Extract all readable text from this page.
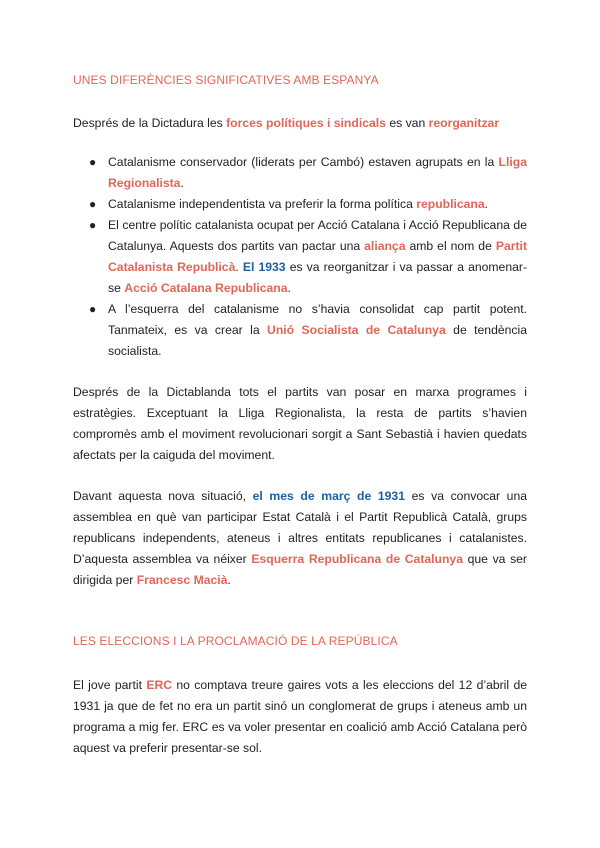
UNES DIFERÈNCIES SIGNIFICATIVES AMB ESPANYA

Després de la Dictadura les forces polítiques i sindicals es van reorganitzar

● Catalanisme conservador (liderats per Cambó) estaven agrupats en la Lliga Regionalista.
● Catalanisme independentista va preferir la forma política republicana.
● El centre polític catalanista ocupat per Acció Catalana i Acció Republicana de Catalunya. Aquests dos partits van pactar una aliança amb el nom de Partit Catalanista Republicà. El 1933 es va reorganitzar i va passar a anomenar-se Acció Catalana Republicana.
● A l’esquerra del catalanisme no s’havia consolidat cap partit potent. Tanmateix, es va crear la Unió Socialista de Catalunya de tendència socialista.

Després de la Dictablanda tots el partits van posar en marxa programes i estratègies. Exceptuant la Lliga Regionalista, la resta de partits s’havien compromès amb el moviment revolucionari sorgit a Sant Sebastià i havien quedats afectats per la caiguda del moviment.

Davant aquesta nova situació, el mes de març de 1931 es va convocar una assemblea en què van participar Estat Català i el Partit Republicà Català, grups republicans independents, ateneus i altres entitats republicanes i catalanistes. D’aquesta assemblea va néixer Esquerra Republicana de Catalunya que va ser dirigida per Francesc Macià.

LES ELECCIONS I LA PROCLAMACIÓ DE LA REPÚBLICA

El jove partit ERC no comptava treure gaires vots a les eleccions del 12 d’abril de 1931 ja que de fet no era un partit sinó un conglomerat de grups i ateneus amb un programa a mig fer. ERC es va voler presentar en coalició amb Acció Catalana però aquest va preferir presentar-se sol.
